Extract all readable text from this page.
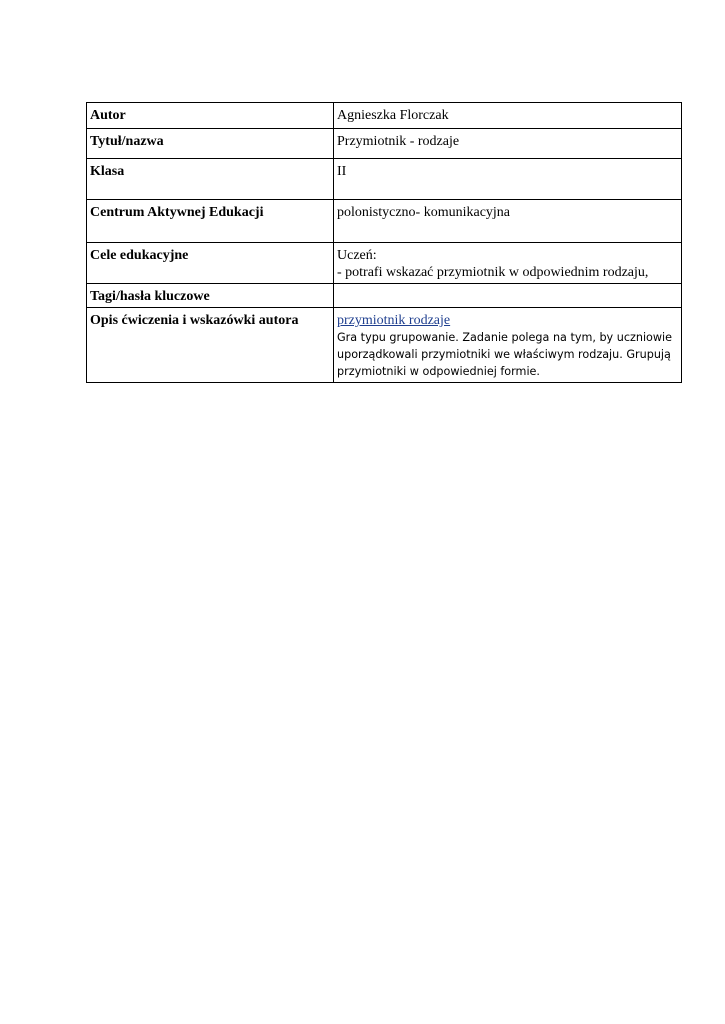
Autor	Agnieszka Florczak
Tytuł/nazwa	Przymiotnik - rodzaje
Klasa	II
Centrum Aktywnej Edukacji	polonistyczno- komunikacyjna
Cele edukacyjne	Uczeń:
- potrafi wskazać przymiotnik w odpowiednim rodzaju,

Tagi/hasła kluczowe	
Opis ćwiczenia i wskazówki autora	przymiotnik rodzaje
Gra typu grupowanie. Zadanie polega na tym, by uczniowie uporządkowali przymiotniki we właściwym rodzaju. Grupują przymiotniki w odpowiedniej formie.
